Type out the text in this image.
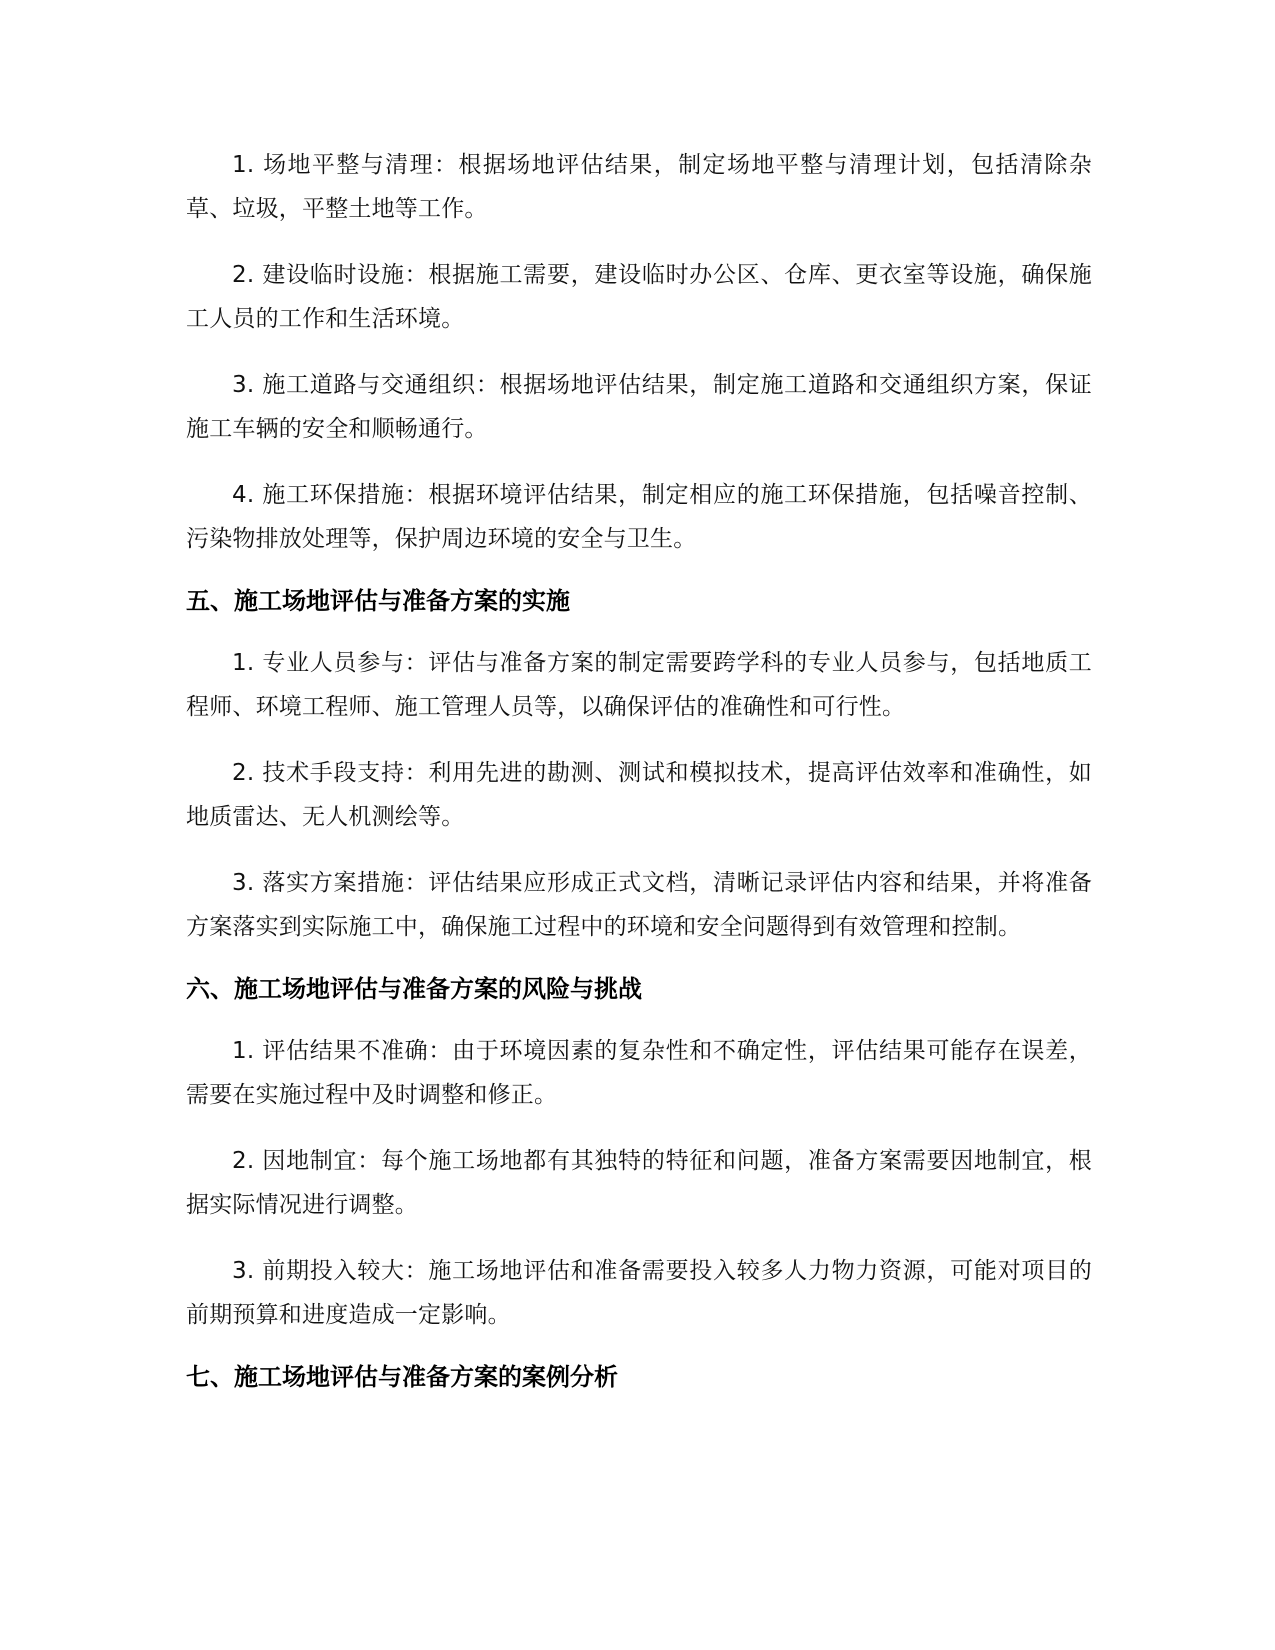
1. 场地平整与清理：根据场地评估结果，制定场地平整与清理计划，包括清除杂草、垃圾，平整土地等工作。

2. 建设临时设施：根据施工需要，建设临时办公区、仓库、更衣室等设施，确保施工人员的工作和生活环境。

3. 施工道路与交通组织：根据场地评估结果，制定施工道路和交通组织方案，保证施工车辆的安全和顺畅通行。

4. 施工环保措施：根据环境评估结果，制定相应的施工环保措施，包括噪音控制、污染物排放处理等，保护周边环境的安全与卫生。

五、施工场地评估与准备方案的实施

1. 专业人员参与：评估与准备方案的制定需要跨学科的专业人员参与，包括地质工程师、环境工程师、施工管理人员等，以确保评估的准确性和可行性。

2. 技术手段支持：利用先进的勘测、测试和模拟技术，提高评估效率和准确性，如地质雷达、无人机测绘等。

3. 落实方案措施：评估结果应形成正式文档，清晰记录评估内容和结果，并将准备方案落实到实际施工中，确保施工过程中的环境和安全问题得到有效管理和控制。

六、施工场地评估与准备方案的风险与挑战

1. 评估结果不准确：由于环境因素的复杂性和不确定性，评估结果可能存在误差，需要在实施过程中及时调整和修正。

2. 因地制宜：每个施工场地都有其独特的特征和问题，准备方案需要因地制宜，根据实际情况进行调整。

3. 前期投入较大：施工场地评估和准备需要投入较多人力物力资源，可能对项目的前期预算和进度造成一定影响。

七、施工场地评估与准备方案的案例分析
